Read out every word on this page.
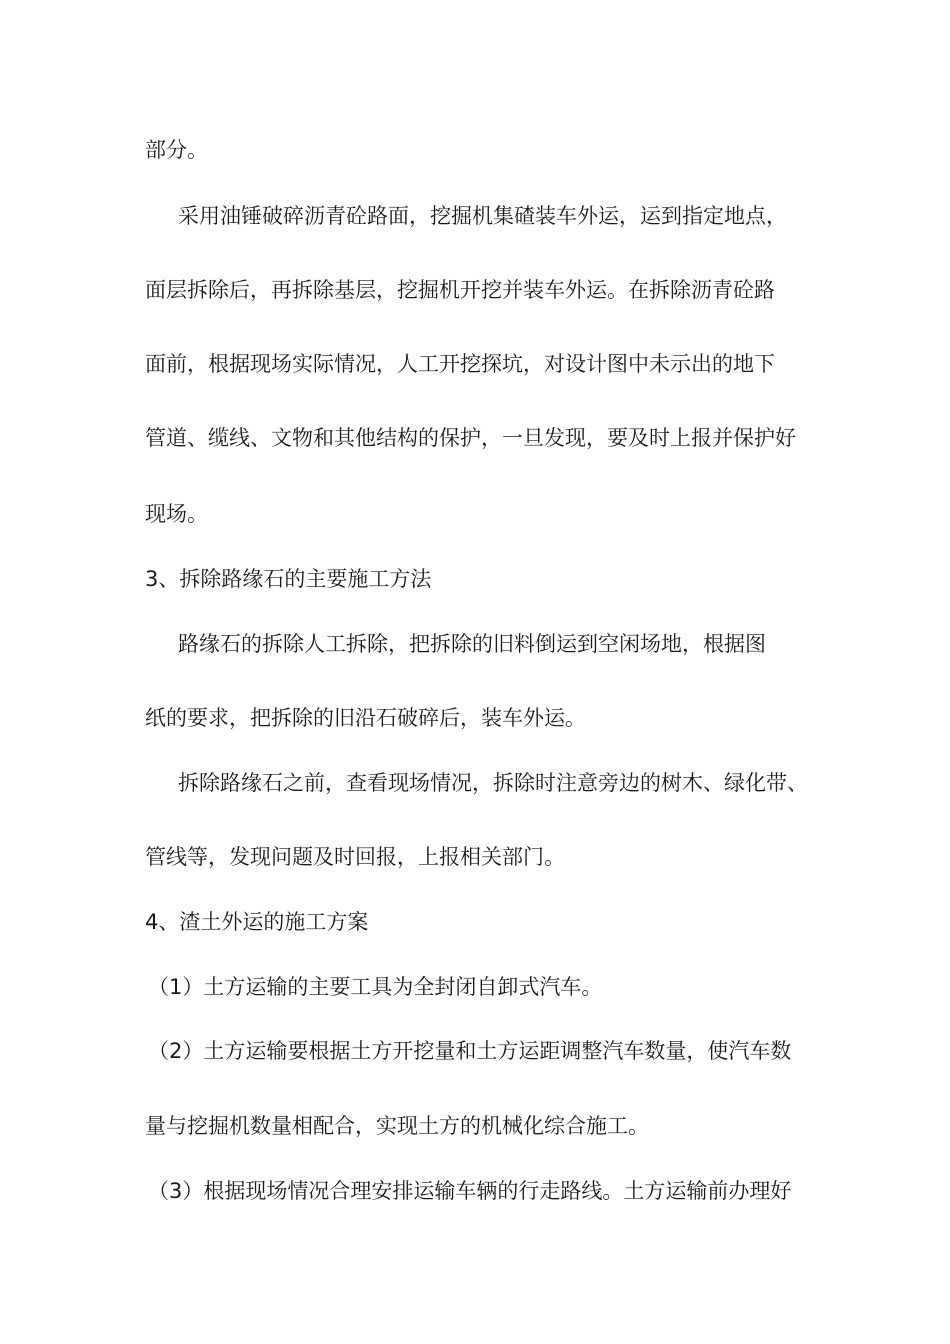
部分。
采用油锤破碎沥青砼路面，挖掘机集碴装车外运，运到指定地点，
面层拆除后，再拆除基层，挖掘机开挖并装车外运。在拆除沥青砼路
面前，根据现场实际情况，人工开挖探坑，对设计图中未示出的地下
管道、缆线、文物和其他结构的保护，一旦发现，要及时上报并保护好
现场。
3、拆除路缘石的主要施工方法
路缘石的拆除人工拆除，把拆除的旧料倒运到空闲场地，根据图
纸的要求，把拆除的旧沿石破碎后，装车外运。
拆除路缘石之前，查看现场情况，拆除时注意旁边的树木、绿化带、
管线等，发现问题及时回报，上报相关部门。
4、渣土外运的施工方案
（1）土方运输的主要工具为全封闭自卸式汽车。
（2）土方运输要根据土方开挖量和土方运距调整汽车数量，使汽车数
量与挖掘机数量相配合，实现土方的机械化综合施工。
（3）根据现场情况合理安排运输车辆的行走路线。土方运输前办理好
